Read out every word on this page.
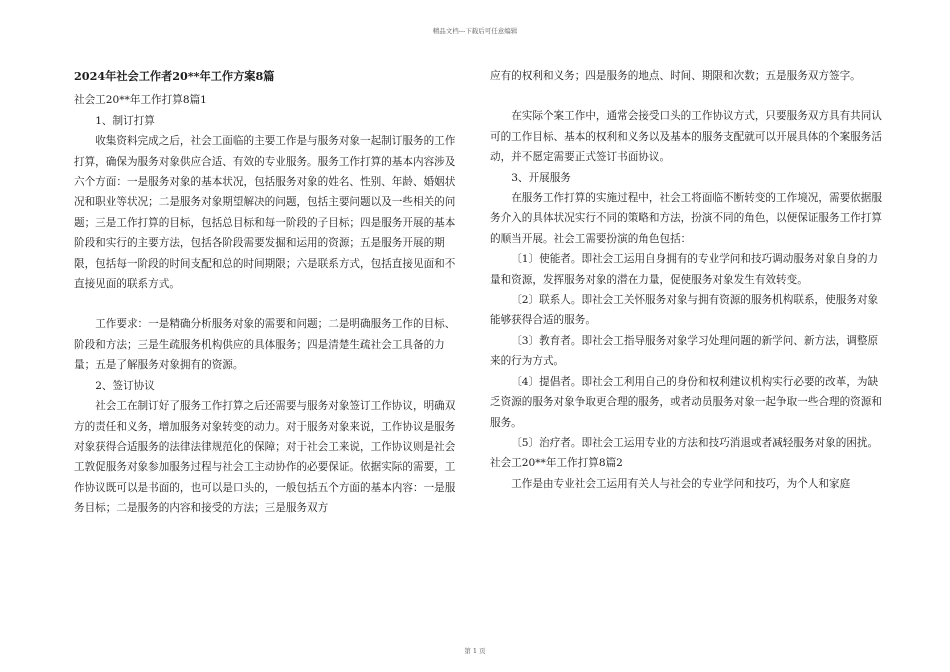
精品文档---下载后可任意编辑

2024年社会工作者20**年工作方案8篇

社会工20**年工作打算8篇1

1、制订打算

收集资料完成之后，社会工面临的主要工作是与服务对象一起制订服务的工作打算，确保为服务对象供应合适、有效的专业服务。服务工作打算的基本内容涉及六个方面：一是服务对象的基本状况，包括服务对象的姓名、性别、年龄、婚姻状况和职业等状况；二是服务对象期望解决的问题，包括主要问题以及一些相关的问题；三是工作打算的目标，包括总目标和每一阶段的子目标；四是服务开展的基本阶段和实行的主要方法，包括各阶段需要发掘和运用的资源；五是服务开展的期限，包括每一阶段的时间支配和总的时间期限；六是联系方式，包括直接见面和不直接见面的联系方式。

工作要求：一是精确分析服务对象的需要和问题；二是明确服务工作的目标、阶段和方法；三是生疏服务机构供应的具体服务；四是清楚生疏社会工具备的力量；五是了解服务对象拥有的资源。

2、签订协议

社会工在制订好了服务工作打算之后还需要与服务对象签订工作协议，明确双方的责任和义务，增加服务对象转变的动力。对于服务对象来说，工作协议是服务对象获得合适服务的法律法律规范化的保障；对于社会工来说，工作协议则是社会工敦促服务对象参加服务过程与社会工主动协作的必要保证。依据实际的需要，工作协议既可以是书面的，也可以是口头的，一般包括五个方面的基本内容：一是服务目标；二是服务的内容和接受的方法；三是服务双方

应有的权利和义务；四是服务的地点、时间、期限和次数；五是服务双方签字。

在实际个案工作中，通常会接受口头的工作协议方式，只要服务双方具有共同认可的工作目标、基本的权利和义务以及基本的服务支配就可以开展具体的个案服务活动，并不愿定需要正式签订书面协议。

3、开展服务

在服务工作打算的实施过程中，社会工将面临不断转变的工作境况，需要依据服务介入的具体状况实行不同的策略和方法，扮演不同的角色，以便保证服务工作打算的顺当开展。社会工需要扮演的角色包括：

〔1〕使能者。即社会工运用自身拥有的专业学问和技巧调动服务对象自身的力量和资源，发挥服务对象的潜在力量，促使服务对象发生有效转变。

〔2〕联系人。即社会工关怀服务对象与拥有资源的服务机构联系，使服务对象能够获得合适的服务。

〔3〕教育者。即社会工指导服务对象学习处理问题的新学问、新方法，调整原来的行为方式。

〔4〕提倡者。即社会工利用自己的身份和权利建议机构实行必要的改革，为缺乏资源的服务对象争取更合理的服务，或者动员服务对象一起争取一些合理的资源和服务。

〔5〕治疗者。即社会工运用专业的方法和技巧消退或者减轻服务对象的困扰。

社会工20**年工作打算8篇2

工作是由专业社会工运用有关人与社会的专业学问和技巧，为个人和家庭

第 1 页
